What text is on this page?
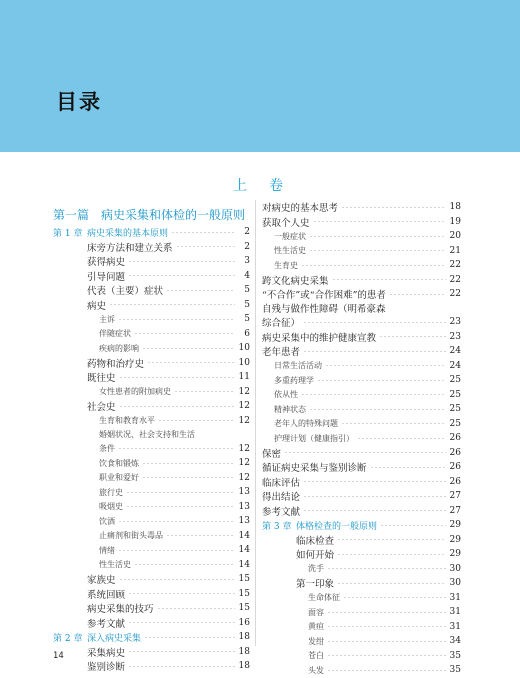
目录
上　卷
第一篇　病史采集和体检的一般原则
第 1 章 病史采集的基本原则	2
床旁方法和建立关系	2
获得病史	3
引导问题	4
代表（主要）症状	5
病史	5
主诉	5
伴随症状	6
疾病的影响	10
药物和治疗史	10
既往史	11
女性患者的附加病史	12
社会史	12
生育和教育水平	12
婚姻状况、社会支持和生活
条件	12
饮食和锻炼	12
职业和爱好	12
旅行史	13
吸烟史	13
饮酒	13
止痛剂和街头毒品	14
情绪	14
性生活史	14
家族史	15
系统回顾	15
病史采集的技巧	15
参考文献	16
第 2 章 深入病史采集	18
采集病史	18
鉴别诊断	18
对病史的基本思考	18
获取个人史	19
一般症状	20
性生活史	21
生育史	22
跨文化病史采集	22
“不合作”或“合作困难”的患者	22
自残与做作性障碍（明希豪森
综合征）	23
病史采集中的维护健康宣教	23
老年患者	24
日常生活活动	24
多重药理学	25
依从性	25
精神状态	25
老年人的特殊问题	25
护理计划（健康指引）	26
保密	26
循证病史采集与鉴别诊断	26
临床评估	26
得出结论	27
参考文献	27
第 3 章 体格检查的一般原则	29
临床检查	29
如何开始	29
洗手	30
第一印象	30
生命体征	31
面容	31
黄疸	31
发绀	34
苍白	35
头发	35
14
